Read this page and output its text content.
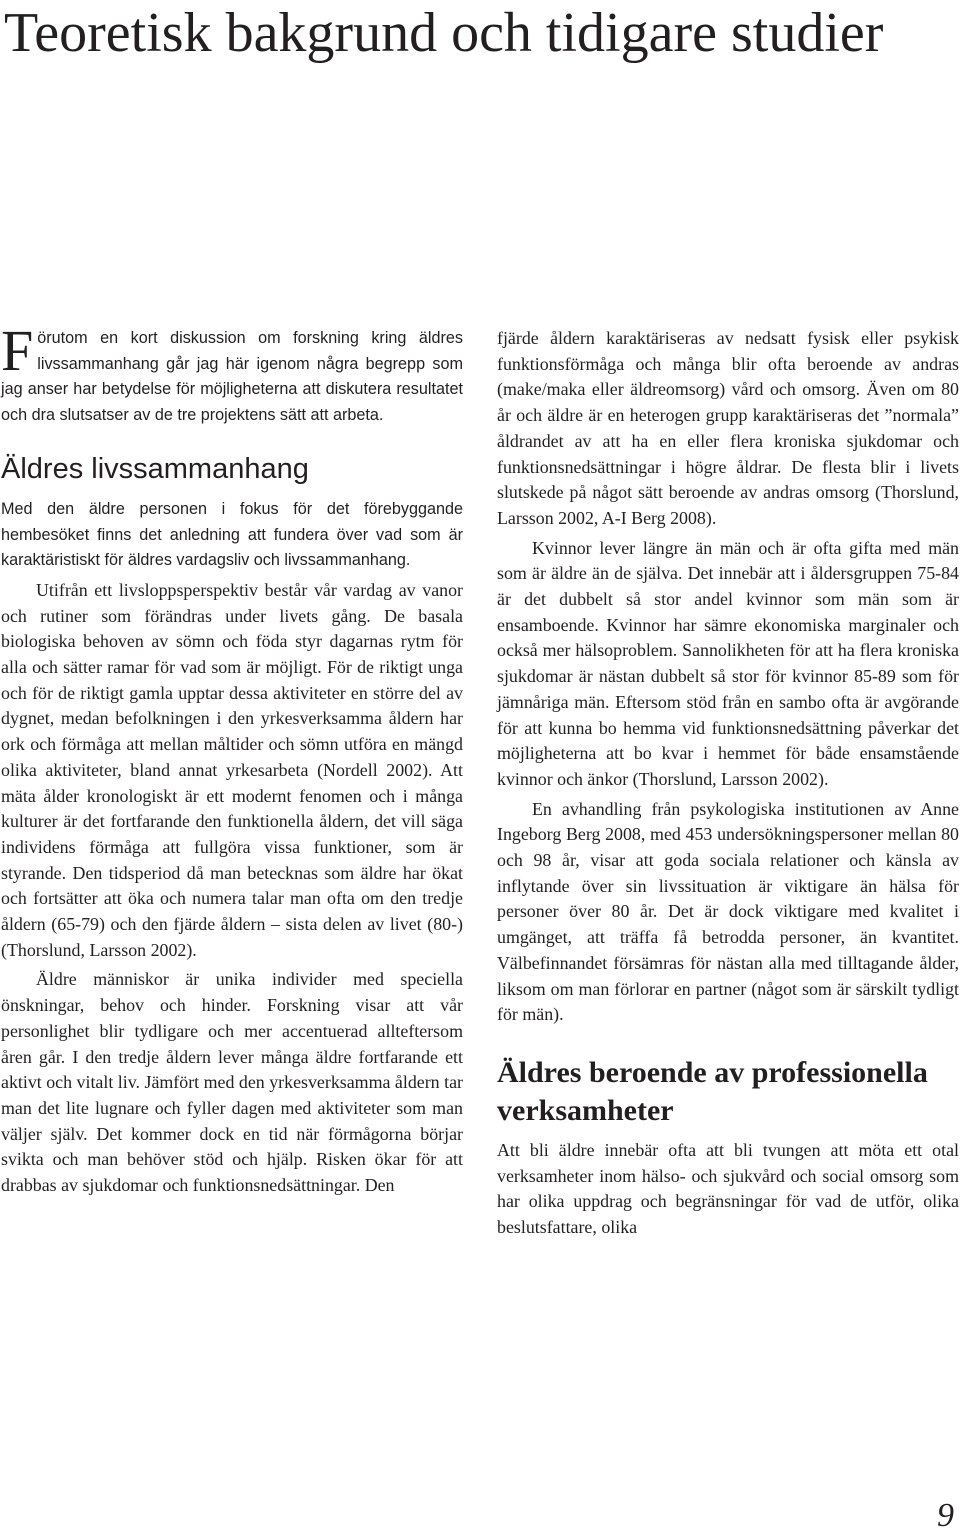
Teoretisk bakgrund och tidigare studier

Förutom en kort diskussion om forskning kring äldres livssammanhang går jag här igenom några begrepp som jag anser har betydelse för möjligheterna att diskutera resultatet och dra slutsatser av de tre projektens sätt att arbeta.

Äldres livssammanhang

Med den äldre personen i fokus för det förebyggande hembesöket finns det anledning att fundera över vad som är karaktäristiskt för äldres vardagsliv och livssammanhang.

Utifrån ett livsloppsperspektiv består vår vardag av vanor och rutiner som förändras under livets gång. De basala biologiska behoven av sömn och föda styr dagarnas rytm för alla och sätter ramar för vad som är möjligt. För de riktigt unga och för de riktigt gamla upptar dessa aktiviteter en större del av dygnet, medan befolkningen i den yrkesverksamma åldern har ork och förmåga att mellan måltider och sömn utföra en mängd olika aktiviteter, bland annat yrkesarbeta (Nordell 2002). Att mäta ålder kronologiskt är ett modernt fenomen och i många kulturer är det fortfarande den funktionella åldern, det vill säga individens förmåga att fullgöra vissa funktioner, som är styrande. Den tidsperiod då man betecknas som äldre har ökat och fortsätter att öka och numera talar man ofta om den tredje åldern (65-79) och den fjärde åldern – sista delen av livet (80-) (Thorslund, Larsson 2002).

Äldre människor är unika individer med speciella önskningar, behov och hinder. Forskning visar att vår personlighet blir tydligare och mer accentuerad allteftersom åren går. I den tredje åldern lever många äldre fortfarande ett aktivt och vitalt liv. Jämfört med den yrkesverksamma åldern tar man det lite lugnare och fyller dagen med aktiviteter som man väljer själv. Det kommer dock en tid när förmågorna börjar svikta och man behöver stöd och hjälp. Risken ökar för att drabbas av sjukdomar och funktionsnedsättningar. Den

fjärde åldern karaktäriseras av nedsatt fysisk eller psykisk funktionsförmåga och många blir ofta beroende av andras (make/maka eller äldreomsorg) vård och omsorg. Även om 80 år och äldre är en heterogen grupp karaktäriseras det ”normala” åldrandet av att ha en eller flera kroniska sjukdomar och funktionsnedsättningar i högre åldrar. De flesta blir i livets slutskede på något sätt beroende av andras omsorg (Thorslund, Larsson 2002, A-I Berg 2008).

Kvinnor lever längre än män och är ofta gifta med män som är äldre än de själva. Det innebär att i åldersgruppen 75-84 är det dubbelt så stor andel kvinnor som män som är ensamboende. Kvinnor har sämre ekonomiska marginaler och också mer hälsoproblem. Sannolikheten för att ha flera kroniska sjukdomar är nästan dubbelt så stor för kvinnor 85-89 som för jämnåriga män. Eftersom stöd från en sambo ofta är avgörande för att kunna bo hemma vid funktionsnedsättning påverkar det möjligheterna att bo kvar i hemmet för både ensamstående kvinnor och änkor (Thorslund, Larsson 2002).

En avhandling från psykologiska institutionen av Anne Ingeborg Berg 2008, med 453 undersökningspersoner mellan 80 och 98 år, visar att goda sociala relationer och känsla av inflytande över sin livssituation är viktigare än hälsa för personer över 80 år. Det är dock viktigare med kvalitet i umgänget, att träffa få betrodda personer, än kvantitet. Välbefinnandet försämras för nästan alla med tilltagande ålder, liksom om man förlorar en partner (något som är särskilt tydligt för män).

Äldres beroende av professionella verksamheter

Att bli äldre innebär ofta att bli tvungen att möta ett otal verksamheter inom hälso- och sjukvård och social omsorg som har olika uppdrag och begränsningar för vad de utför, olika beslutsfattare, olika

9
